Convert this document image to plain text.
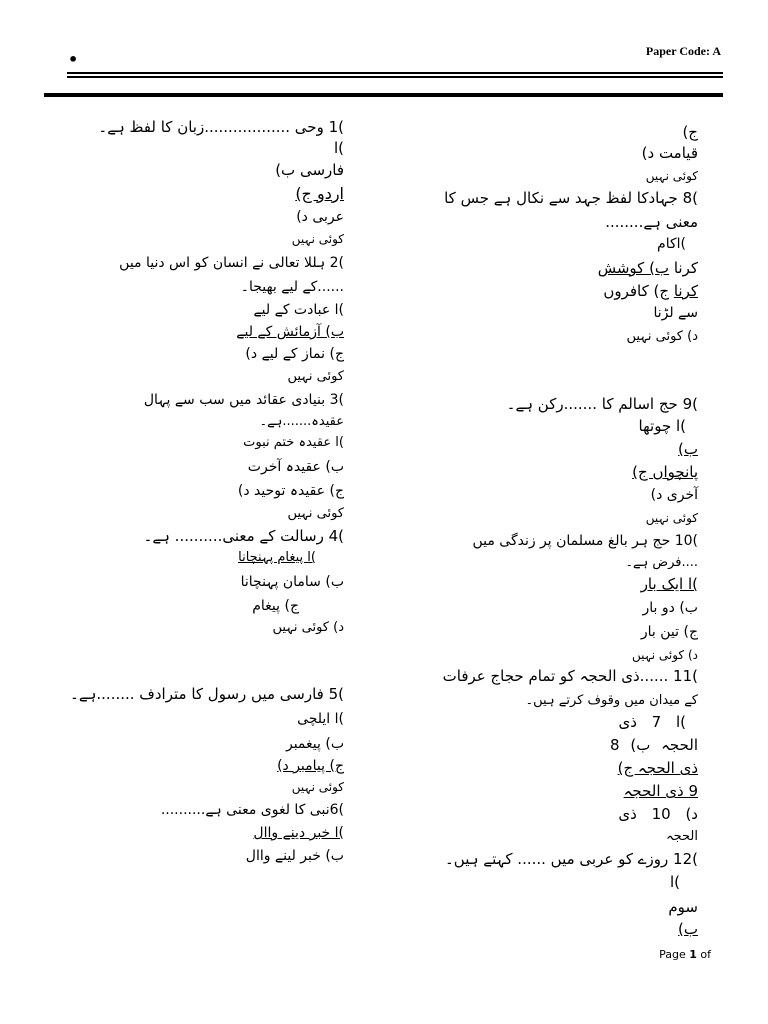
Paper Code: A
•
)1 وحی ..................زبان کا لفظ ہے۔
)ا
فارسی ب)
اردو ج)
عربی د)
کوئی نہیں
)2 ہللا تعالی نے انسان کو اس دنیا میں
......کے لیے بھیجا۔
)ا عبادت کے لیے
ب) آزمائش کے لیے
ج) نماز کے لیے د)
کوئی نہیں
)3 بنیادی عقائد میں سب سے پہال
عقیدہ.......ہے۔
)ا عقیدہ ختم نبوت
ب) عقیدہ آخرت
ج) عقیدہ توحید د)
کوئی نہیں
)4 رسالت کے معنی.......... ہے۔
)ا پیغام پہنچانا
ب) سامان پہنچانا
ج) پیغام
د) کوئی نہیں
)5 فارسی میں رسول کا مترادف ........ہے۔
)ا ایلچی
ب) پیغمبر
ج) پیامبر د)
کوئی نہیں
)6نبی کا لغوی معنی ہے..........
)ا خبر دینے واال
ب) خبر لینے واال
ج)
قیامت د)
کوئی نہیں
)8 جہادکا لفظ جہد سے نکال ہے جس کا
معنی ہے........
)اکام
کرنا ب) کوشش
کرنا ج) کافروں
سے لڑنا
د) کوئی نہیں
)9 حج اسالم کا .......رکن ہے۔
)ا چوتھا
ب)
پانچواں ج)
آخری د)
کوئی نہیں
)10 حج ہر بالغ مسلمان پر زندگی میں
....فرض ہے۔
)ا ایک بار
ب) دو بار
ج) تین بار
د) کوئی نہیں
)11 ......ذی الحجہ کو تمام حجاج عرفات
کے میدان میں وقوف کرتے ہیں۔
)ا 7 ذی
الحجہ ب) 8
ذی الحجہ ج)
9 ذی الحجہ
د) 10 ذی
الحجہ
)12 روزے کو عربی میں ...... کہتے ہیں۔
)ا
سوم
ب)
Page 1 of
